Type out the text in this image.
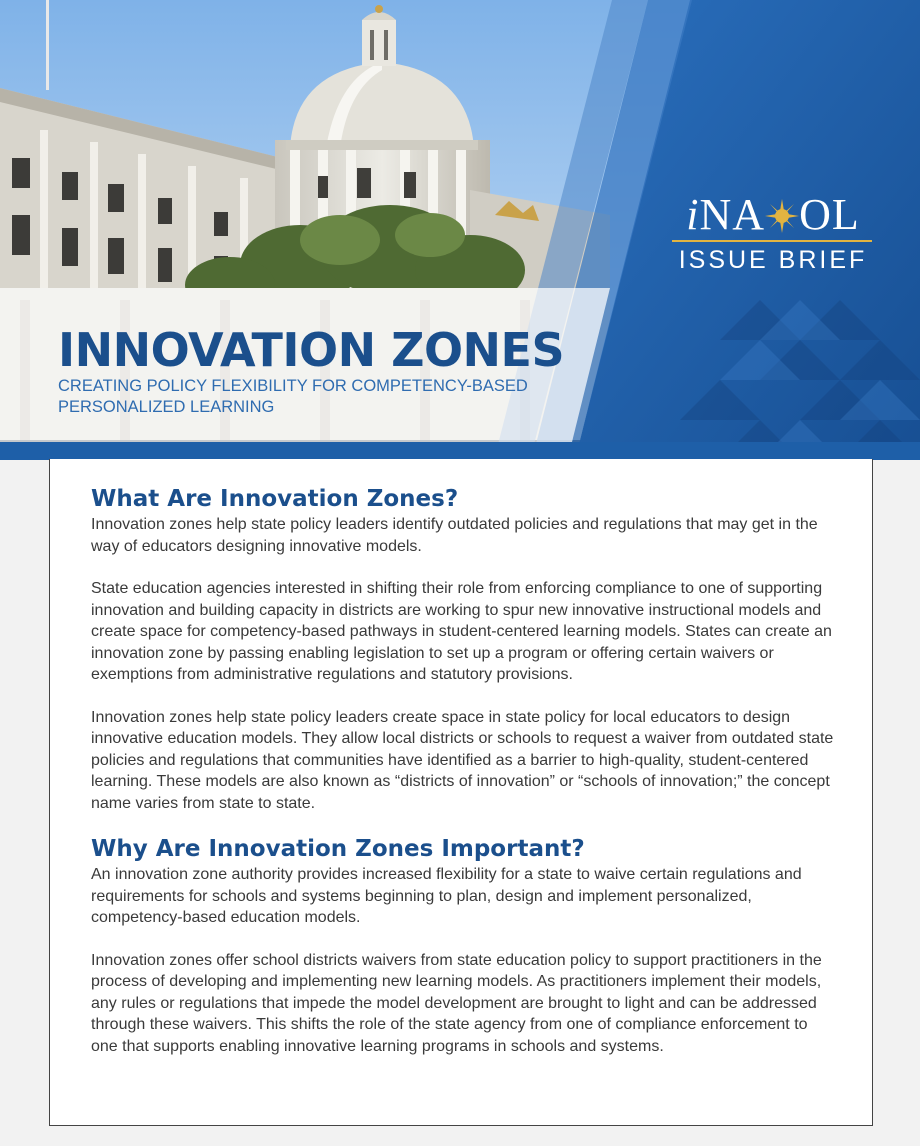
iNA OL
ISSUE BRIEF
INNOVATION ZONES

CREATING POLICY FLEXIBILITY FOR COMPETENCY-BASED PERSONALIZED LEARNING

What Are Innovation Zones?

Innovation zones help state policy leaders identify outdated policies and regulations that may get in the way of educators designing innovative models.

State education agencies interested in shifting their role from enforcing compliance to one of supporting innovation and building capacity in districts are working to spur new innovative instructional models and create space for competency-based pathways in student-centered learning models. States can create an innovation zone by passing enabling legislation to set up a program or offering certain waivers or exemptions from administrative regulations and statutory provisions.

Innovation zones help state policy leaders create space in state policy for local educators to design innovative education models. They allow local districts or schools to request a waiver from outdated state policies and regulations that communities have identified as a barrier to high-quality, student-centered learning. These models are also known as “districts of innovation” or “schools of innovation;” the concept name varies from state to state.

Why Are Innovation Zones Important?

An innovation zone authority provides increased flexibility for a state to waive certain regulations and requirements for schools and systems beginning to plan, design and implement personalized, competency-based education models.

Innovation zones offer school districts waivers from state education policy to support practitioners in the process of developing and implementing new learning models. As practitioners implement their models, any rules or regulations that impede the model development are brought to light and can be addressed through these waivers. This shifts the role of the state agency from one of compliance enforcement to one that supports enabling innovative learning programs in schools and systems.
